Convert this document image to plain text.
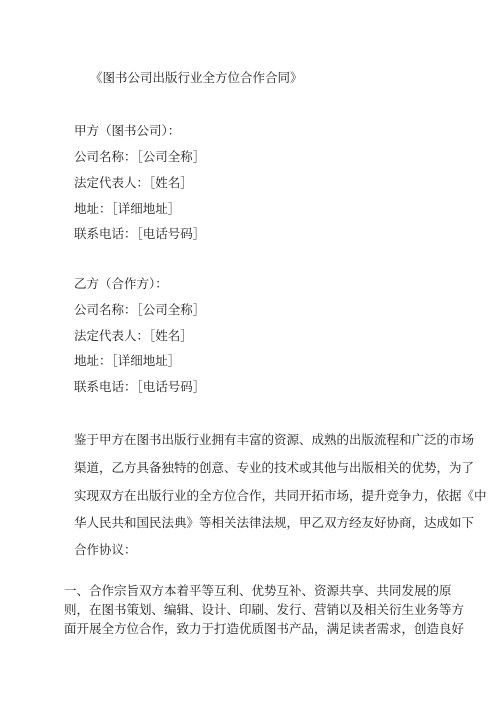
《图书公司出版行业全方位合作合同》
甲方（图书公司）：
公司名称：［公司全称］
法定代表人：［姓名］
地址：［详细地址］
联系电话：［电话号码］
乙方（合作方）：
公司名称：［公司全称］
法定代表人：［姓名］
地址：［详细地址］
联系电话：［电话号码］
鉴于甲方在图书出版行业拥有丰富的资源、成熟的出版流程和广泛的市场
渠道，乙方具备独特的创意、专业的技术或其他与出版相关的优势，为了
实现双方在出版行业的全方位合作，共同开拓市场，提升竞争力，依据《中
华人民共和国民法典》等相关法律法规，甲乙双方经友好协商，达成如下
合作协议：
一、合作宗旨双方本着平等互利、优势互补、资源共享、共同发展的原
则，在图书策划、编辑、设计、印刷、发行、营销以及相关衍生业务等方
面开展全方位合作，致力于打造优质图书产品，满足读者需求，创造良好
